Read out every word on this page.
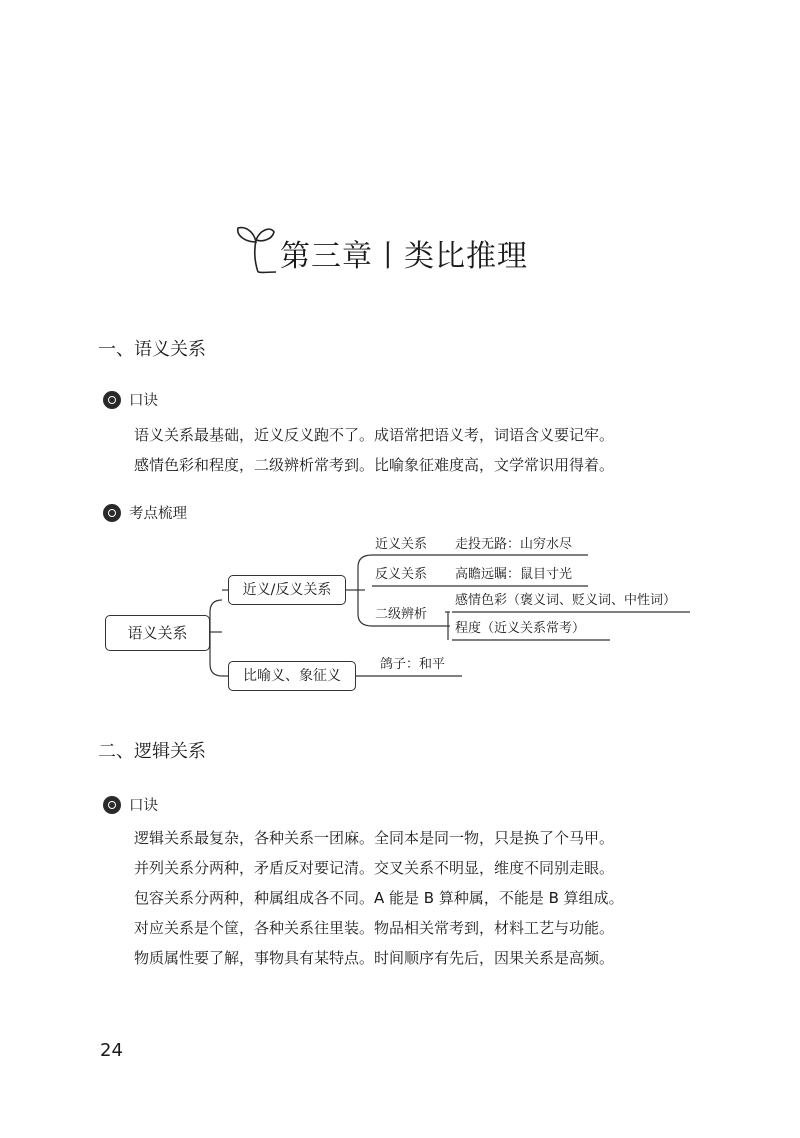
第三章丨类比推理
一、语义关系
口诀

语义关系最基础，近义反义跑不了。成语常把语义考，词语含义要记牢。

感情色彩和程度，二级辨析常考到。比喻象征难度高，文学常识用得着。

考点梳理
语义关系
近义/反义关系
比喻义、象征义
近义关系 走投无路：山穷水尽
反义关系 高瞻远瞩：鼠目寸光
二级辨析
感情色彩（褒义词、贬义词、中性词）
程度（近义关系常考）
鸽子：和平
二、逻辑关系
口诀

逻辑关系最复杂，各种关系一团麻。全同本是同一物，只是换了个马甲。

并列关系分两种，矛盾反对要记清。交叉关系不明显，维度不同别走眼。

包容关系分两种，种属组成各不同。A 能是 B 算种属，不能是 B 算组成。

对应关系是个筐，各种关系往里装。物品相关常考到，材料工艺与功能。

物质属性要了解，事物具有某特点。时间顺序有先后，因果关系是高频。

24
